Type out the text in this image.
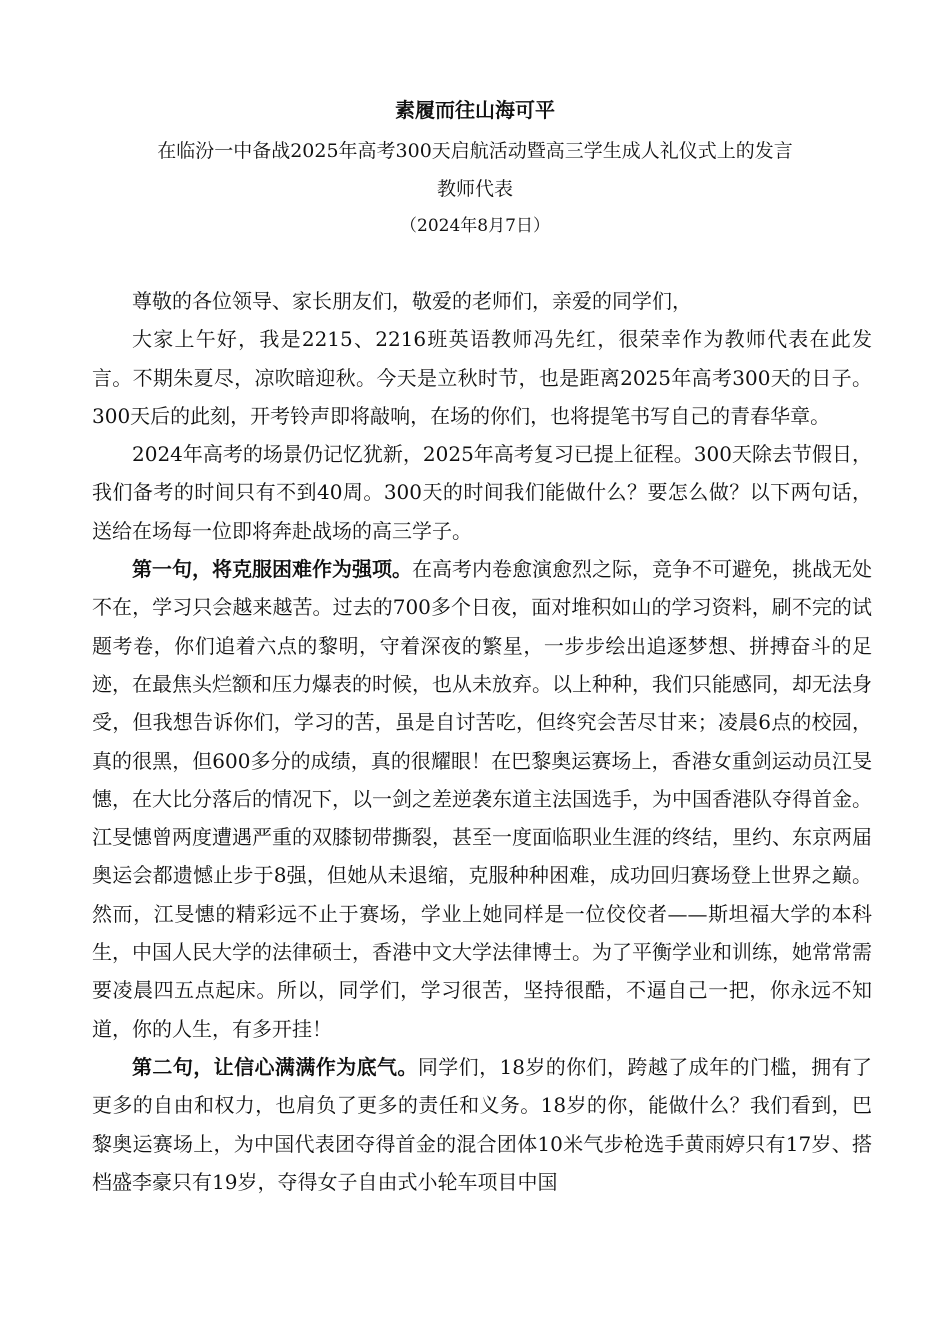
素履而往山海可平
在临汾一中备战2025年高考300天启航活动暨高三学生成人礼仪式上的发言
教师代表
（2024年8月7日）

尊敬的各位领导、家长朋友们，敬爱的老师们，亲爱的同学们，

大家上午好，我是2215、2216班英语教师冯先红，很荣幸作为教师代表在此发言。不期朱夏尽，凉吹暗迎秋。今天是立秋时节，也是距离2025年高考300天的日子。300天后的此刻，开考铃声即将敲响，在场的你们，也将提笔书写自己的青春华章。

2024年高考的场景仍记忆犹新，2025年高考复习已提上征程。300天除去节假日，我们备考的时间只有不到40周。300天的时间我们能做什么？要怎么做？以下两句话，送给在场每一位即将奔赴战场的高三学子。

第一句，将克服困难作为强项。在高考内卷愈演愈烈之际，竞争不可避免，挑战无处不在，学习只会越来越苦。过去的700多个日夜，面对堆积如山的学习资料，刷不完的试题考卷，你们追着六点的黎明，守着深夜的繁星，一步步绘出追逐梦想、拼搏奋斗的足迹，在最焦头烂额和压力爆表的时候，也从未放弃。以上种种，我们只能感同，却无法身受，但我想告诉你们，学习的苦，虽是自讨苦吃，但终究会苦尽甘来；凌晨6点的校园，真的很黑，但600多分的成绩，真的很耀眼！在巴黎奥运赛场上，香港女重剑运动员江旻憓，在大比分落后的情况下，以一剑之差逆袭东道主法国选手，为中国香港队夺得首金。江旻憓曾两度遭遇严重的双膝韧带撕裂，甚至一度面临职业生涯的终结，里约、东京两届奥运会都遗憾止步于8强，但她从未退缩，克服种种困难，成功回归赛场登上世界之巅。然而，江旻憓的精彩远不止于赛场，学业上她同样是一位佼佼者——斯坦福大学的本科生，中国人民大学的法律硕士，香港中文大学法律博士。为了平衡学业和训练，她常常需要凌晨四五点起床。所以，同学们，学习很苦，坚持很酷，不逼自己一把，你永远不知道，你的人生，有多开挂！

第二句，让信心满满作为底气。同学们，18岁的你们，跨越了成年的门槛，拥有了更多的自由和权力，也肩负了更多的责任和义务。18岁的你，能做什么？我们看到，巴黎奥运赛场上，为中国代表团夺得首金的混合团体10米气步枪选手黄雨婷只有17岁、搭档盛李豪只有19岁，夺得女子自由式小轮车项目中国
